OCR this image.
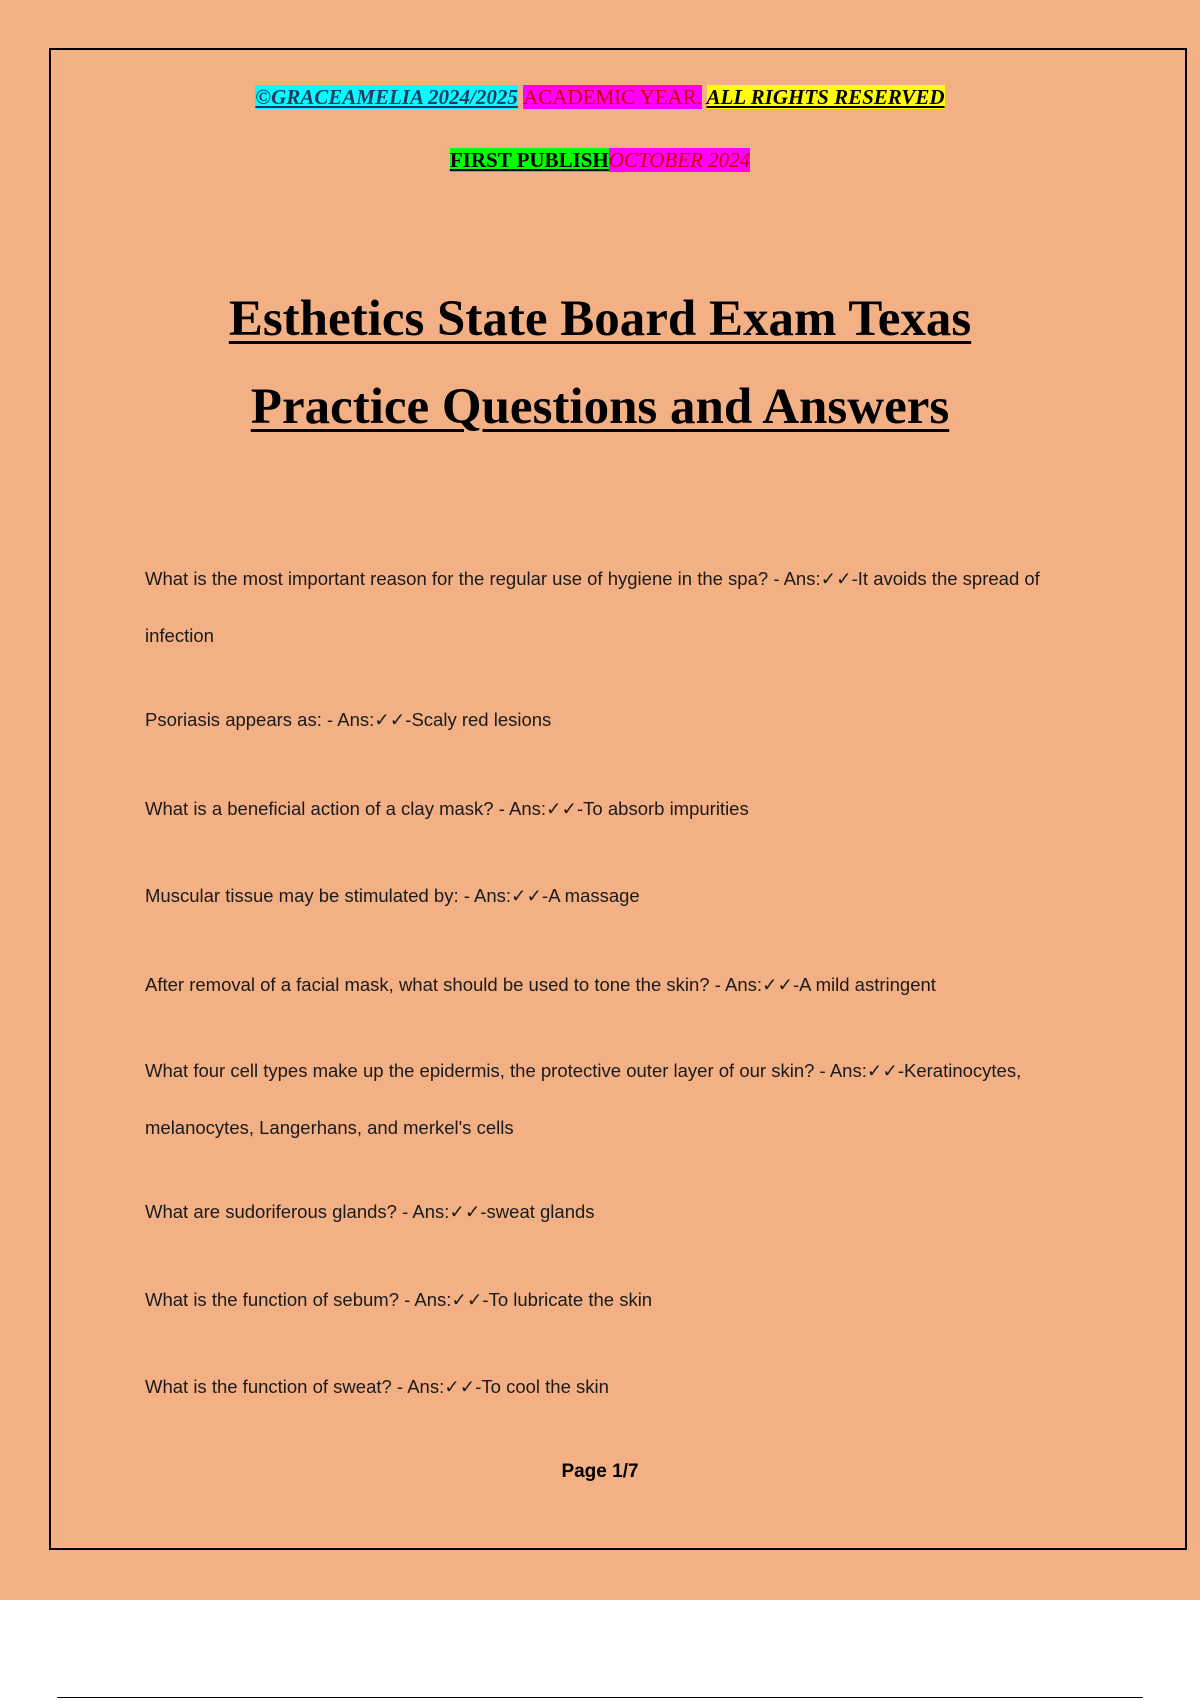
©GRACEAMELIA 2024/2025 ACADEMIC YEAR. ALL RIGHTS RESERVED
FIRST PUBLISHOCTOBER 2024
Esthetics State Board Exam Texas
Practice Questions and Answers

What is the most important reason for the regular use of hygiene in the spa? - Ans:✓✓-It avoids the spread of infection

Psoriasis appears as: - Ans:✓✓-Scaly red lesions

What is a beneficial action of a clay mask? - Ans:✓✓-To absorb impurities

Muscular tissue may be stimulated by: - Ans:✓✓-A massage

After removal of a facial mask, what should be used to tone the skin? - Ans:✓✓-A mild astringent

What four cell types make up the epidermis, the protective outer layer of our skin? - Ans:✓✓-Keratinocytes, melanocytes, Langerhans, and merkel's cells

What are sudoriferous glands? - Ans:✓✓-sweat glands

What is the function of sebum? - Ans:✓✓-To lubricate the skin

What is the function of sweat? - Ans:✓✓-To cool the skin

Page 1/7
